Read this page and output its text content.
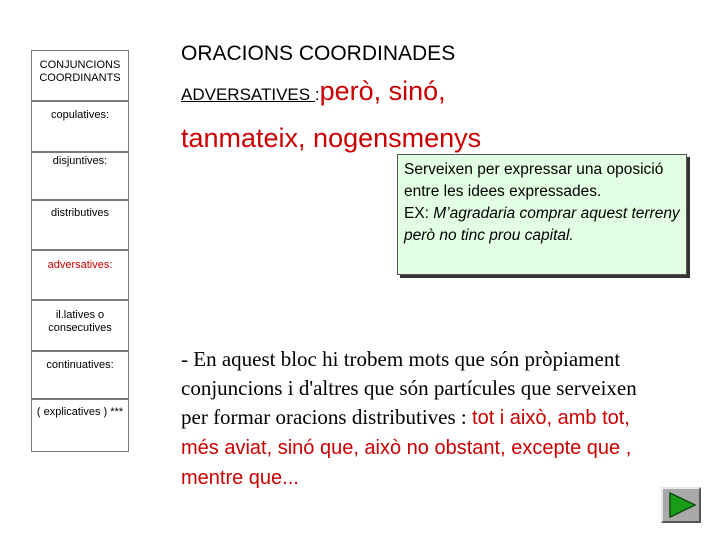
CONJUNCIONS COORDINANTS
copulatives:
disjuntives:
distributives
adversatives:
il.latives o consecutives
continuatives:
( explicatives ) ***
ORACIONS COORDINADES
ADVERSATIVES :però, sinó,
tanmateix, nogensmenys

Serveixen per expressar una oposició entre les idees expressades.

EX: M’agradaria comprar aquest terreny però no tinc prou capital.

- En aquest bloc hi trobem mots que són pròpiament conjuncions i d'altres que són partícules que serveixen per formar oracions distributives : tot i això, amb tot, més aviat, sinó que, això no obstant, excepte que , mentre que...
